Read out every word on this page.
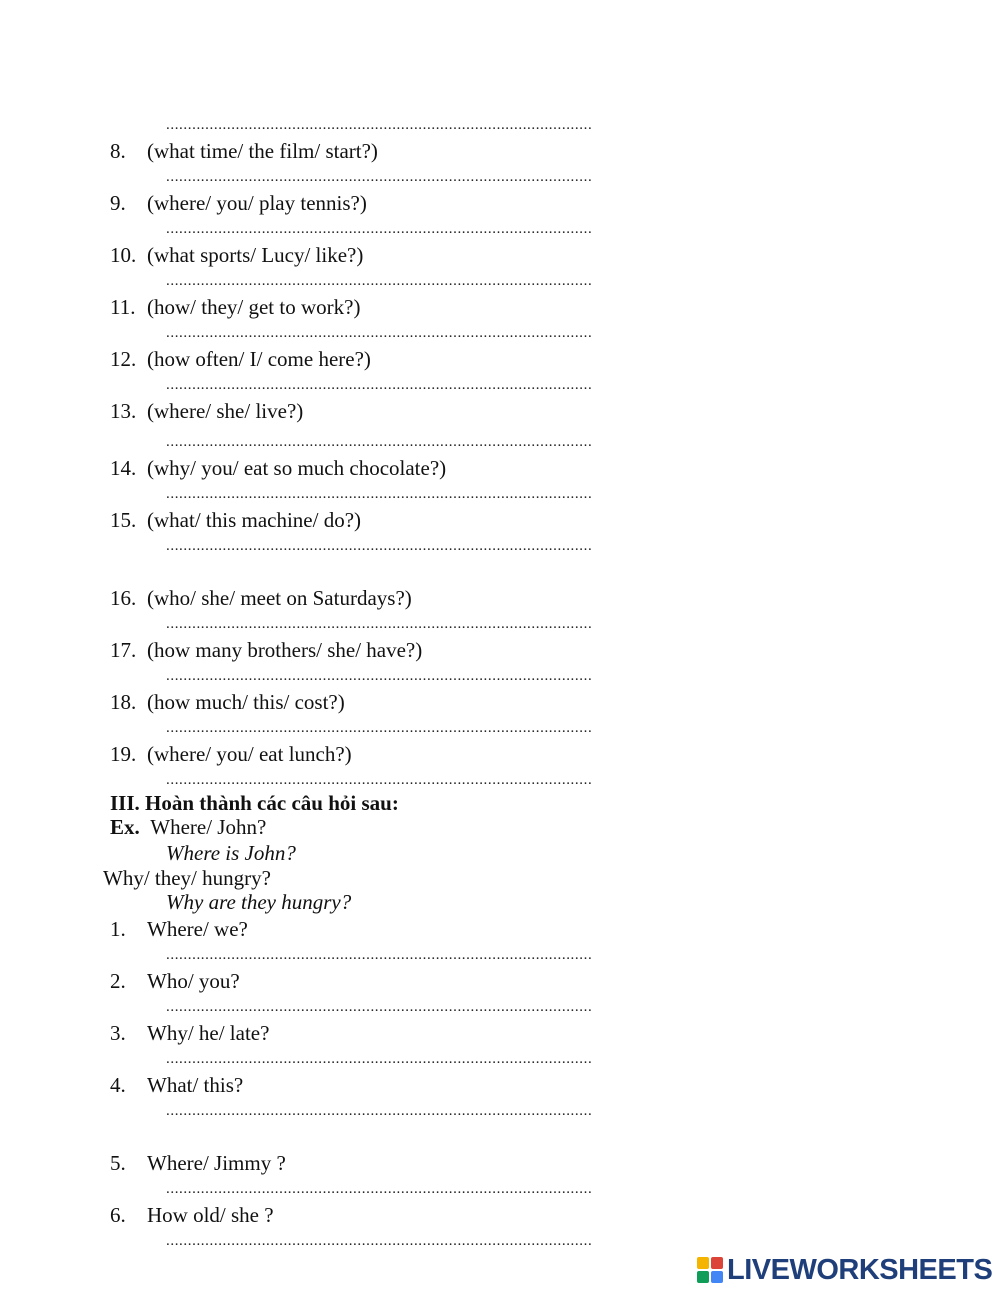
..................................................................................................
8. (what time/ the film/ start?)
..................................................................................................
9. (where/ you/ play tennis?)
..................................................................................................
10. (what sports/ Lucy/ like?)
..................................................................................................
11. (how/ they/ get to work?)
..................................................................................................
12. (how often/ I/ come here?)
..................................................................................................
13. (where/ she/ live?)
..................................................................................................
14. (why/ you/ eat so much chocolate?)
..................................................................................................
15. (what/ this machine/ do?)
..................................................................................................
16. (who/ she/ meet on Saturdays?)
..................................................................................................
17. (how many brothers/ she/ have?)
..................................................................................................
18. (how much/ this/ cost?)
..................................................................................................
19. (where/ you/ eat lunch?)
..................................................................................................
III. Hoàn thành các câu hỏi sau:
Ex. Where/ John?
Where is John?
Why/ they/ hungry?
Why are they hungry?
1. Where/ we?
..................................................................................................
2. Who/ you?
..................................................................................................
3. Why/ he/ late?
..................................................................................................
4. What/ this?
..................................................................................................
5. Where/ Jimmy ?
..................................................................................................
6. How old/ she ?
..................................................................................................
LIVEWORKSHEETS
